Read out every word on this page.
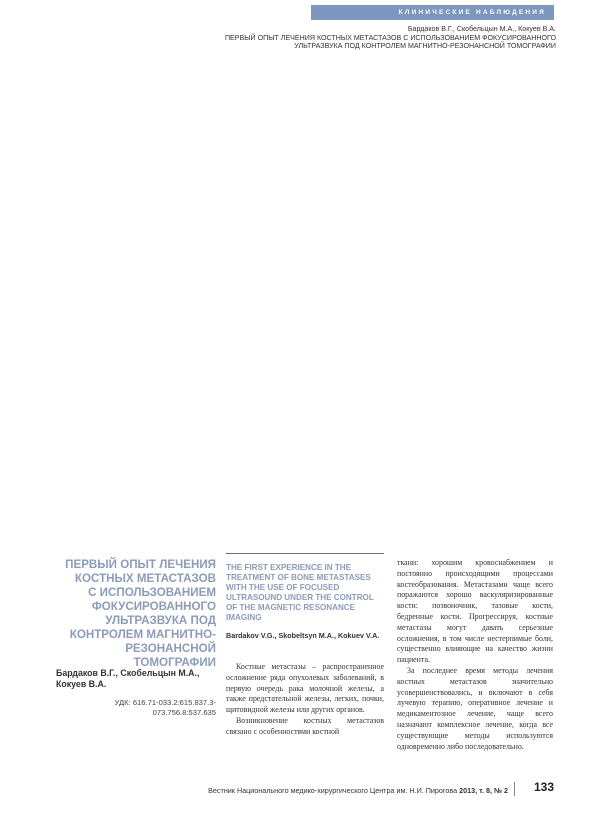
КЛИНИЧЕСКИЕ НАБЛЮДЕНИЯ
Бардаков В.Г., Скобельцын М.А., Кокуев В.А.
ПЕРВЫЙ ОПЫТ ЛЕЧЕНИЯ КОСТНЫХ МЕТАСТАЗОВ С ИСПОЛЬЗОВАНИЕМ ФОКУСИРОВАННОГО
УЛЬТРАЗВУКА ПОД КОНТРОЛЕМ МАГНИТНО-РЕЗОНАНСНОЙ ТОМОГРАФИИ
ПЕРВЫЙ ОПЫТ ЛЕЧЕНИЯ
КОСТНЫХ МЕТАСТАЗОВ
С ИСПОЛЬЗОВАНИЕМ
ФОКУСИРОВАННОГО
УЛЬТРАЗВУКА ПОД
КОНТРОЛЕМ МАГНИТНО-
РЕЗОНАНСНОЙ
ТОМОГРАФИИ

Бардаков В.Г., Скобельцын М.А.,
Кокуев В.А.

УДК: 616.71-033.2:615.837.3-
073.756.8:537.635
THE FIRST EXPERIENCE IN THE
TREATMENT OF BONE METASTASES
WITH THE USE OF FOCUSED
ULTRASOUND UNDER THE CONTROL
OF THE MAGNETIC RESONANCE IMAGING

Bardakov V.G., Skobeltsyn M.A., Kokuev V.A.

Костные метастазы – распространенное осложнение ряда опухолевых заболеваний, в первую очередь рака молочной железы, а также предстательной железы, легких, почки, щитовидной железы или других органов.

Возникновение костных метастазов связано с особенностями костной

ткани: хорошим кровоснабжением и постоянно происходящими процессами костеобразования. Метастазами чаще всего поражаются хорошо васкуляризированные кости: позвоночник, тазовые кости, бедренные кости. Прогрессируя, костные метастазы могут давать серьезные осложнения, в том числе нестерпимые боли, существенно влияющие на качество жизни пациента.

За последнее время методы лечения костных метастазов значительно усовершенствовались, и включают в себя лучевую терапию, оперативное лечение и медикаментозное лечение, чаще всего назначают комплексное лечение, когда все существующие методы используются одновременно либо последовательно.

Вестник Национального медико-хирургического Центра им. Н.И. Пирогова 2013, т. 8, № 2	133
